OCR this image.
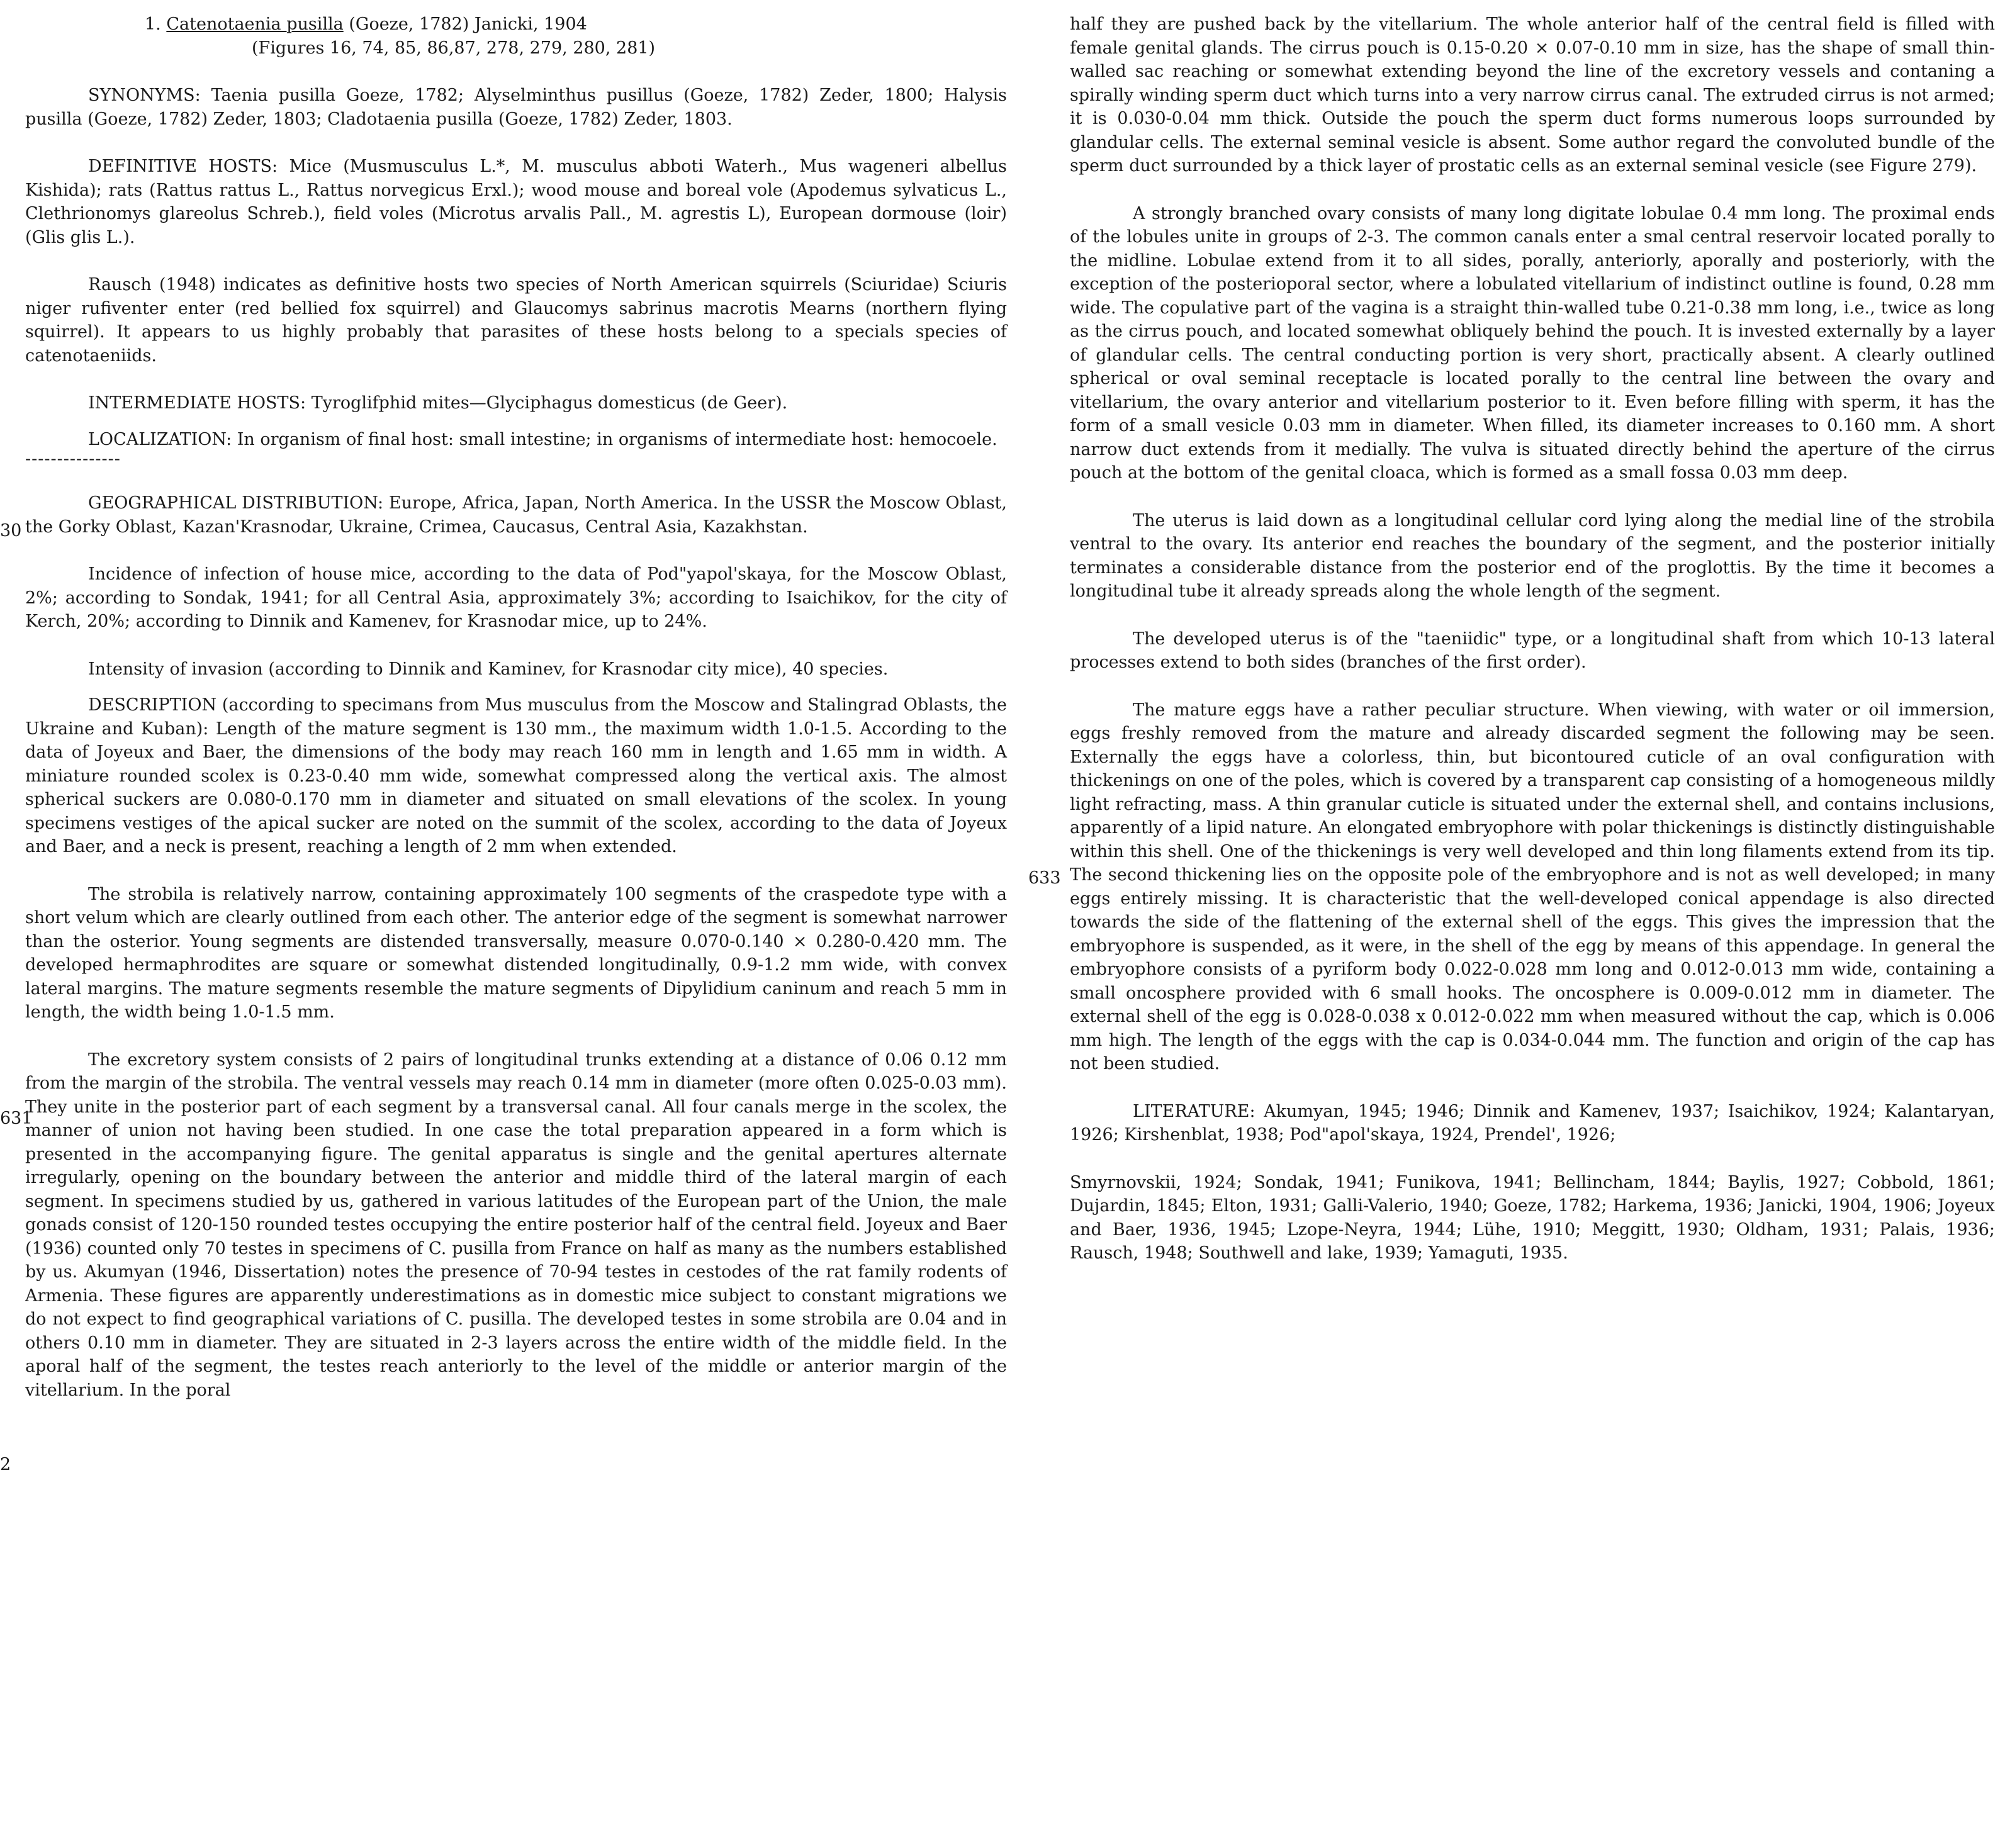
30
631
2
633
1. Catenotaenia pusilla (Goeze, 1782) Janicki, 1904
(Figures 16, 74, 85, 86,87, 278, 279, 280, 281)

SYNONYMS: Taenia pusilla Goeze, 1782; Alyselminthus pusillus (Goeze, 1782) Zeder, 1800; Halysis pusilla (Goeze, 1782) Zeder, 1803; Cladotaenia pusilla (Goeze, 1782) Zeder, 1803.

DEFINITIVE HOSTS: Mice (Musmusculus L.*, M. musculus abboti Waterh., Mus wageneri albellus Kishida); rats (Rattus rattus L., Rattus norvegicus Erxl.); wood mouse and boreal vole (Apodemus sylvaticus L., Clethrionomys glareolus Schreb.), field voles (Microtus arvalis Pall., M. agrestis L), European dormouse (loir) (Glis glis L.).

Rausch (1948) indicates as definitive hosts two species of North American squirrels (Sciuridae) Sciuris niger rufiventer enter (red bellied fox squirrel) and Glaucomys sabrinus macrotis Mearns (northern flying squirrel). It appears to us highly probably that parasites of these hosts belong to a specials species of catenotaeniids.

INTERMEDIATE HOSTS: Tyroglifphid mites—Glyciphagus domesticus (de Geer).

LOCALIZATION: In organism of final host: small intestine; in organisms of intermediate host: hemocoele.

---------------

GEOGRAPHICAL DISTRIBUTION: Europe, Africa, Japan, North America. In the USSR the Moscow Oblast, the Gorky Oblast, Kazan'Krasnodar, Ukraine, Crimea, Caucasus, Central Asia, Kazakhstan.

Incidence of infection of house mice, according to the data of Pod"yapol'skaya, for the Moscow Oblast, 2%; according to Sondak, 1941; for all Central Asia, approximately 3%; according to Isaichikov, for the city of Kerch, 20%; according to Dinnik and Kamenev, for Krasnodar mice, up to 24%.

Intensity of invasion (according to Dinnik and Kaminev, for Krasnodar city mice), 40 species.

DESCRIPTION (according to specimans from Mus musculus from the Moscow and Stalingrad Oblasts, the Ukraine and Kuban): Length of the mature segment is 130 mm., the maximum width 1.0-1.5. According to the data of Joyeux and Baer, the dimensions of the body may reach 160 mm in length and 1.65 mm in width. A miniature rounded scolex is 0.23-0.40 mm wide, somewhat compressed along the vertical axis. The almost spherical suckers are 0.080-0.170 mm in diameter and situated on small elevations of the scolex. In young specimens vestiges of the apical sucker are noted on the summit of the scolex, according to the data of Joyeux and Baer, and a neck is present, reaching a length of 2 mm when extended.

The strobila is relatively narrow, containing approximately 100 segments of the craspedote type with a short velum which are clearly outlined from each other. The anterior edge of the segment is somewhat narrower than the osterior. Young segments are distended transversally, measure 0.070-0.140 × 0.280-0.420 mm. The developed hermaphrodites are square or somewhat distended longitudinally, 0.9-1.2 mm wide, with convex lateral margins. The mature segments resemble the mature segments of Dipylidium caninum and reach 5 mm in length, the width being 1.0-1.5 mm.

The excretory system consists of 2 pairs of longitudinal trunks extending at a distance of 0.06 0.12 mm from the margin of the strobila. The ventral vessels may reach 0.14 mm in diameter (more often 0.025-0.03 mm). They unite in the posterior part of each segment by a transversal canal. All four canals merge in the scolex, the manner of union not having been studied. In one case the total preparation appeared in a form which is presented in the accompanying figure. The genital apparatus is single and the genital apertures alternate irregularly, opening on the boundary between the anterior and middle third of the lateral margin of each segment. In specimens studied by us, gathered in various latitudes of the European part of the Union, the male gonads consist of 120-150 rounded testes occupying the entire posterior half of the central field. Joyeux and Baer (1936) counted only 70 testes in specimens of C. pusilla from France on half as many as the numbers established by us. Akumyan (1946, Dissertation) notes the presence of 70-94 testes in cestodes of the rat family rodents of Armenia. These figures are apparently underestimations as in domestic mice subject to constant migrations we do not expect to find geographical variations of C. pusilla. The developed testes in some strobila are 0.04 and in others 0.10 mm in diameter. They are situated in 2-3 layers across the entire width of the middle field. In the aporal half of the segment, the testes reach anteriorly to the level of the middle or anterior margin of the vitellarium. In the poral

half they are pushed back by the vitellarium. The whole anterior half of the central field is filled with female genital glands. The cirrus pouch is 0.15-0.20 × 0.07-0.10 mm in size, has the shape of small thin-walled sac reaching or somewhat extending beyond the line of the excretory vessels and contaning a spirally winding sperm duct which turns into a very narrow cirrus canal. The extruded cirrus is not armed; it is 0.030-0.04 mm thick. Outside the pouch the sperm duct forms numerous loops surrounded by glandular cells. The external seminal vesicle is absent. Some author regard the convoluted bundle of the sperm duct surrounded by a thick layer of prostatic cells as an external seminal vesicle (see Figure 279).

A strongly branched ovary consists of many long digitate lobulae 0.4 mm long. The proximal ends of the lobules unite in groups of 2-3. The common canals enter a smal central reservoir located porally to the midline. Lobulae extend from it to all sides, porally, anteriorly, aporally and posteriorly, with the exception of the posterioporal sector, where a lobulated vitellarium of indistinct outline is found, 0.28 mm wide. The copulative part of the vagina is a straight thin-walled tube 0.21-0.38 mm long, i.e., twice as long as the cirrus pouch, and located somewhat obliquely behind the pouch. It is invested externally by a layer of glandular cells. The central conducting portion is very short, practically absent. A clearly outlined spherical or oval seminal receptacle is located porally to the central line between the ovary and vitellarium, the ovary anterior and vitellarium posterior to it. Even before filling with sperm, it has the form of a small vesicle 0.03 mm in diameter. When filled, its diameter increases to 0.160 mm. A short narrow duct extends from it medially. The vulva is situated directly behind the aperture of the cirrus pouch at the bottom of the genital cloaca, which is formed as a small fossa 0.03 mm deep.

The uterus is laid down as a longitudinal cellular cord lying along the medial line of the strobila ventral to the ovary. Its anterior end reaches the boundary of the segment, and the posterior initially terminates a considerable distance from the posterior end of the proglottis. By the time it becomes a longitudinal tube it already spreads along the whole length of the segment.

The developed uterus is of the "taeniidic" type, or a longitudinal shaft from which 10-13 lateral processes extend to both sides (branches of the first order).

The mature eggs have a rather peculiar structure. When viewing, with water or oil immersion, eggs freshly removed from the mature and already discarded segment the following may be seen. Externally the eggs have a colorless, thin, but bicontoured cuticle of an oval configuration with thickenings on one of the poles, which is covered by a transparent cap consisting of a homogeneous mildly light refracting, mass. A thin granular cuticle is situated under the external shell, and contains inclusions, apparently of a lipid nature. An elongated embryophore with polar thickenings is distinctly distinguishable within this shell. One of the thickenings is very well developed and thin long filaments extend from its tip. The second thickening lies on the opposite pole of the embryophore and is not as well developed; in many eggs entirely missing. It is characteristic that the well-developed conical appendage is also directed towards the side of the flattening of the external shell of the eggs. This gives the impression that the embryophore is suspended, as it were, in the shell of the egg by means of this appendage. In general the embryophore consists of a pyriform body 0.022-0.028 mm long and 0.012-0.013 mm wide, containing a small oncosphere provided with 6 small hooks. The oncosphere is 0.009-0.012 mm in diameter. The external shell of the egg is 0.028-0.038 x 0.012-0.022 mm when measured without the cap, which is 0.006 mm high. The length of the eggs with the cap is 0.034-0.044 mm. The function and origin of the cap has not been studied.

LITERATURE: Akumyan, 1945; 1946; Dinnik and Kamenev, 1937; Isaichikov, 1924; Kalantaryan, 1926; Kirshenblat, 1938; Pod"apol'skaya, 1924, Prendel', 1926;

Smyrnovskii, 1924; Sondak, 1941; Funikova, 1941; Bellincham, 1844; Baylis, 1927; Cobbold, 1861; Dujardin, 1845; Elton, 1931; Galli-Valerio, 1940; Goeze, 1782; Harkema, 1936; Janicki, 1904, 1906; Joyeux and Baer, 1936, 1945; Lzope-Neyra, 1944; Lühe, 1910; Meggitt, 1930; Oldham, 1931; Palais, 1936; Rausch, 1948; Southwell and lake, 1939; Yamaguti, 1935.
